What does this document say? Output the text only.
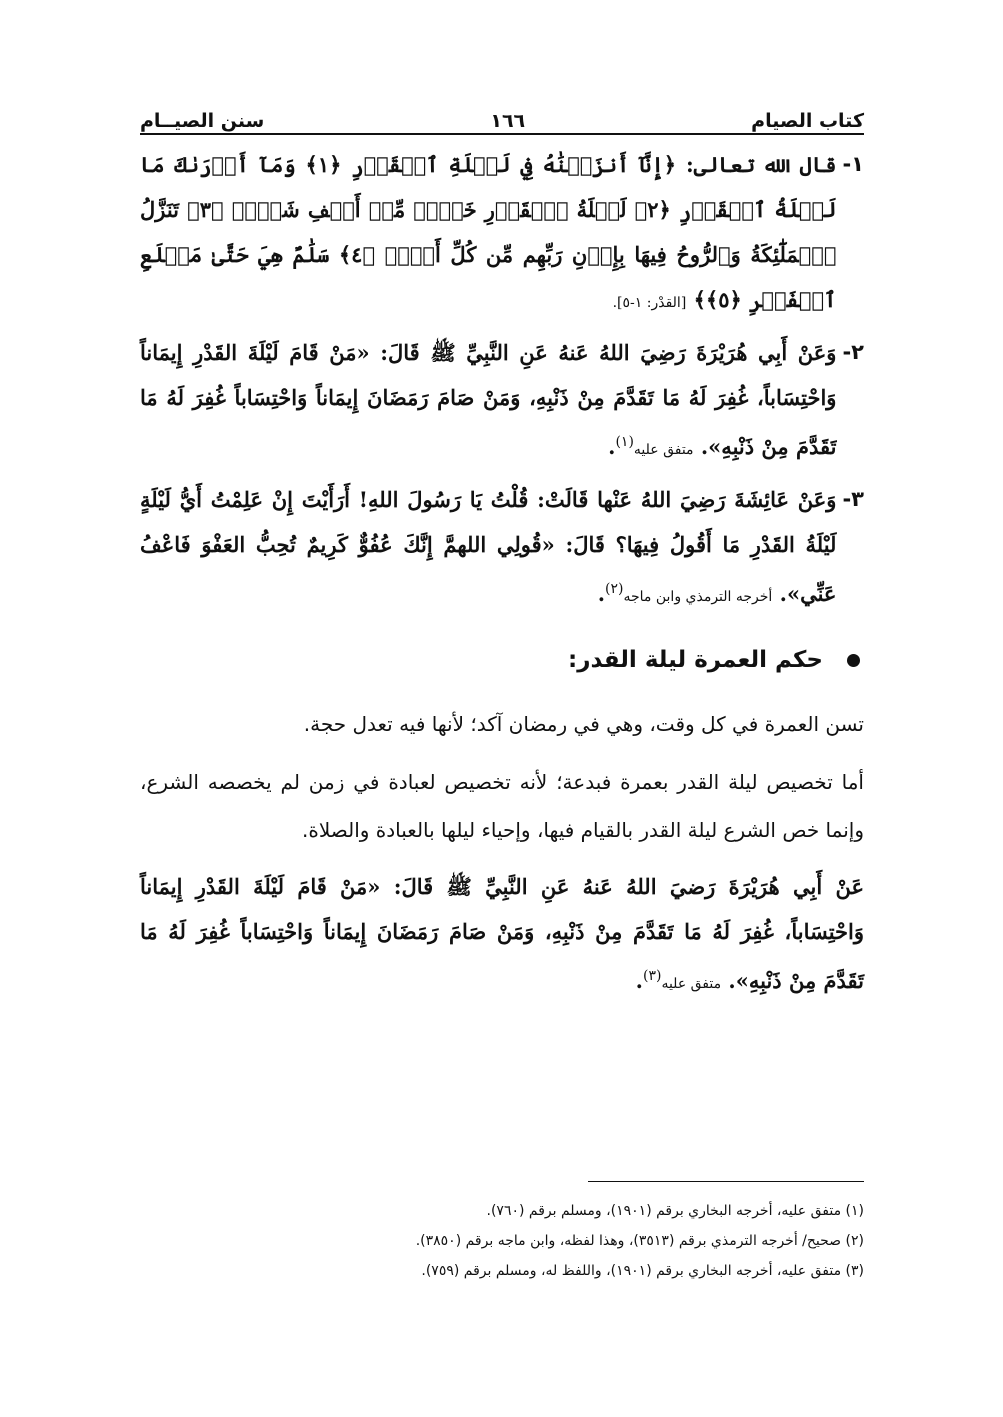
كتاب الصيام
١٦٦
سنن الصيــام
١-
قال الله تعالى: ﴿إِنَّآ أَنزَلۡنَٰهُ فِي لَيۡلَةِ ٱلۡقَدۡرِ ﴿١﴾ وَمَآ أَدۡرَىٰكَ مَا لَيۡلَةُ ٱلۡقَدۡرِ ﴿٢﴾ لَيۡلَةُ ٱلۡقَدۡرِ خَيۡرٞ مِّنۡ أَلۡفِ شَهۡرٖ ﴿٣﴾ تَنَزَّلُ ٱلۡمَلَٰٓئِكَةُ وَٱلرُّوحُ فِيهَا بِإِذۡنِ رَبِّهِم مِّن كُلِّ أَمۡرٖ ﴿٤﴾ سَلَٰمٌ هِيَ حَتَّىٰ مَطۡلَعِ ٱلۡفَجۡرِ ﴿٥﴾﴾ [القدْر: ١-٥].
٢-
وَعَنْ أَبِي هُرَيْرَةَ رَضِيَ اللهُ عَنهُ عَنِ النَّبِيِّ ﷺ قَالَ: «مَنْ قَامَ لَيْلَةَ القَدْرِ إِيمَاناً وَاحْتِسَاباً، غُفِرَ لَهُ مَا تَقَدَّمَ مِنْ ذَنْبِهِ، وَمَنْ صَامَ رَمَضَانَ إِيمَاناً وَاحْتِسَاباً غُفِرَ لَهُ مَا تَقَدَّمَ مِنْ ذَنْبِهِ». متفق عليه$^{(١)}$.
٣-
وَعَنْ عَائِشَةَ رَضِيَ اللهُ عَنْها قَالَتْ: قُلْتُ يَا رَسُولَ اللهِ! أَرَأَيْتَ إِنْ عَلِمْتُ أَيُّ لَيْلَةٍ لَيْلَةُ القَدْرِ مَا أَقُولُ فِيهَا؟ قَالَ: «قُولِي اللهمَّ إِنَّكَ عُفُوٌّ كَرِيمٌ تُحِبُّ العَفْوَ فَاعْفُ عَنِّي». أخرجه الترمذي وابن ماجه$^{(٢)}$.
حكم العمرة ليلة القدر:

تسن العمرة في كل وقت، وهي في رمضان آكد؛ لأنها فيه تعدل حجة.

أما تخصيص ليلة القدر بعمرة فبدعة؛ لأنه تخصيص لعبادة في زمن لم يخصصه الشرع، وإنما خص الشرع ليلة القدر بالقيام فيها، وإحياء ليلها بالعبادة والصلاة.

عَنْ أَبِي هُرَيْرَةَ رَضيَ اللهُ عَنهُ عَنِ النَّبِيِّ ﷺ قَالَ: «مَنْ قَامَ لَيْلَةَ القَدْرِ إِيمَاناً وَاحْتِسَاباً، غُفِرَ لَهُ مَا تَقَدَّمَ مِنْ ذَنْبِهِ، وَمَنْ صَامَ رَمَضَانَ إِيمَاناً وَاحْتِسَاباً غُفِرَ لَهُ مَا تَقَدَّمَ مِنْ ذَنْبِهِ». متفق عليه$^{(٣)}$.

(١) متفق عليه، أخرجه البخاري برقم (١٩٠١)، ومسلم برقم (٧٦٠).

(٢) صحيح/ أخرجه الترمذي برقم (٣٥١٣)، وهذا لفظه، وابن ماجه برقم (٣٨٥٠).

(٣) متفق عليه، أخرجه البخاري برقم (١٩٠١)، واللفظ له، ومسلم برقم (٧٥٩).
